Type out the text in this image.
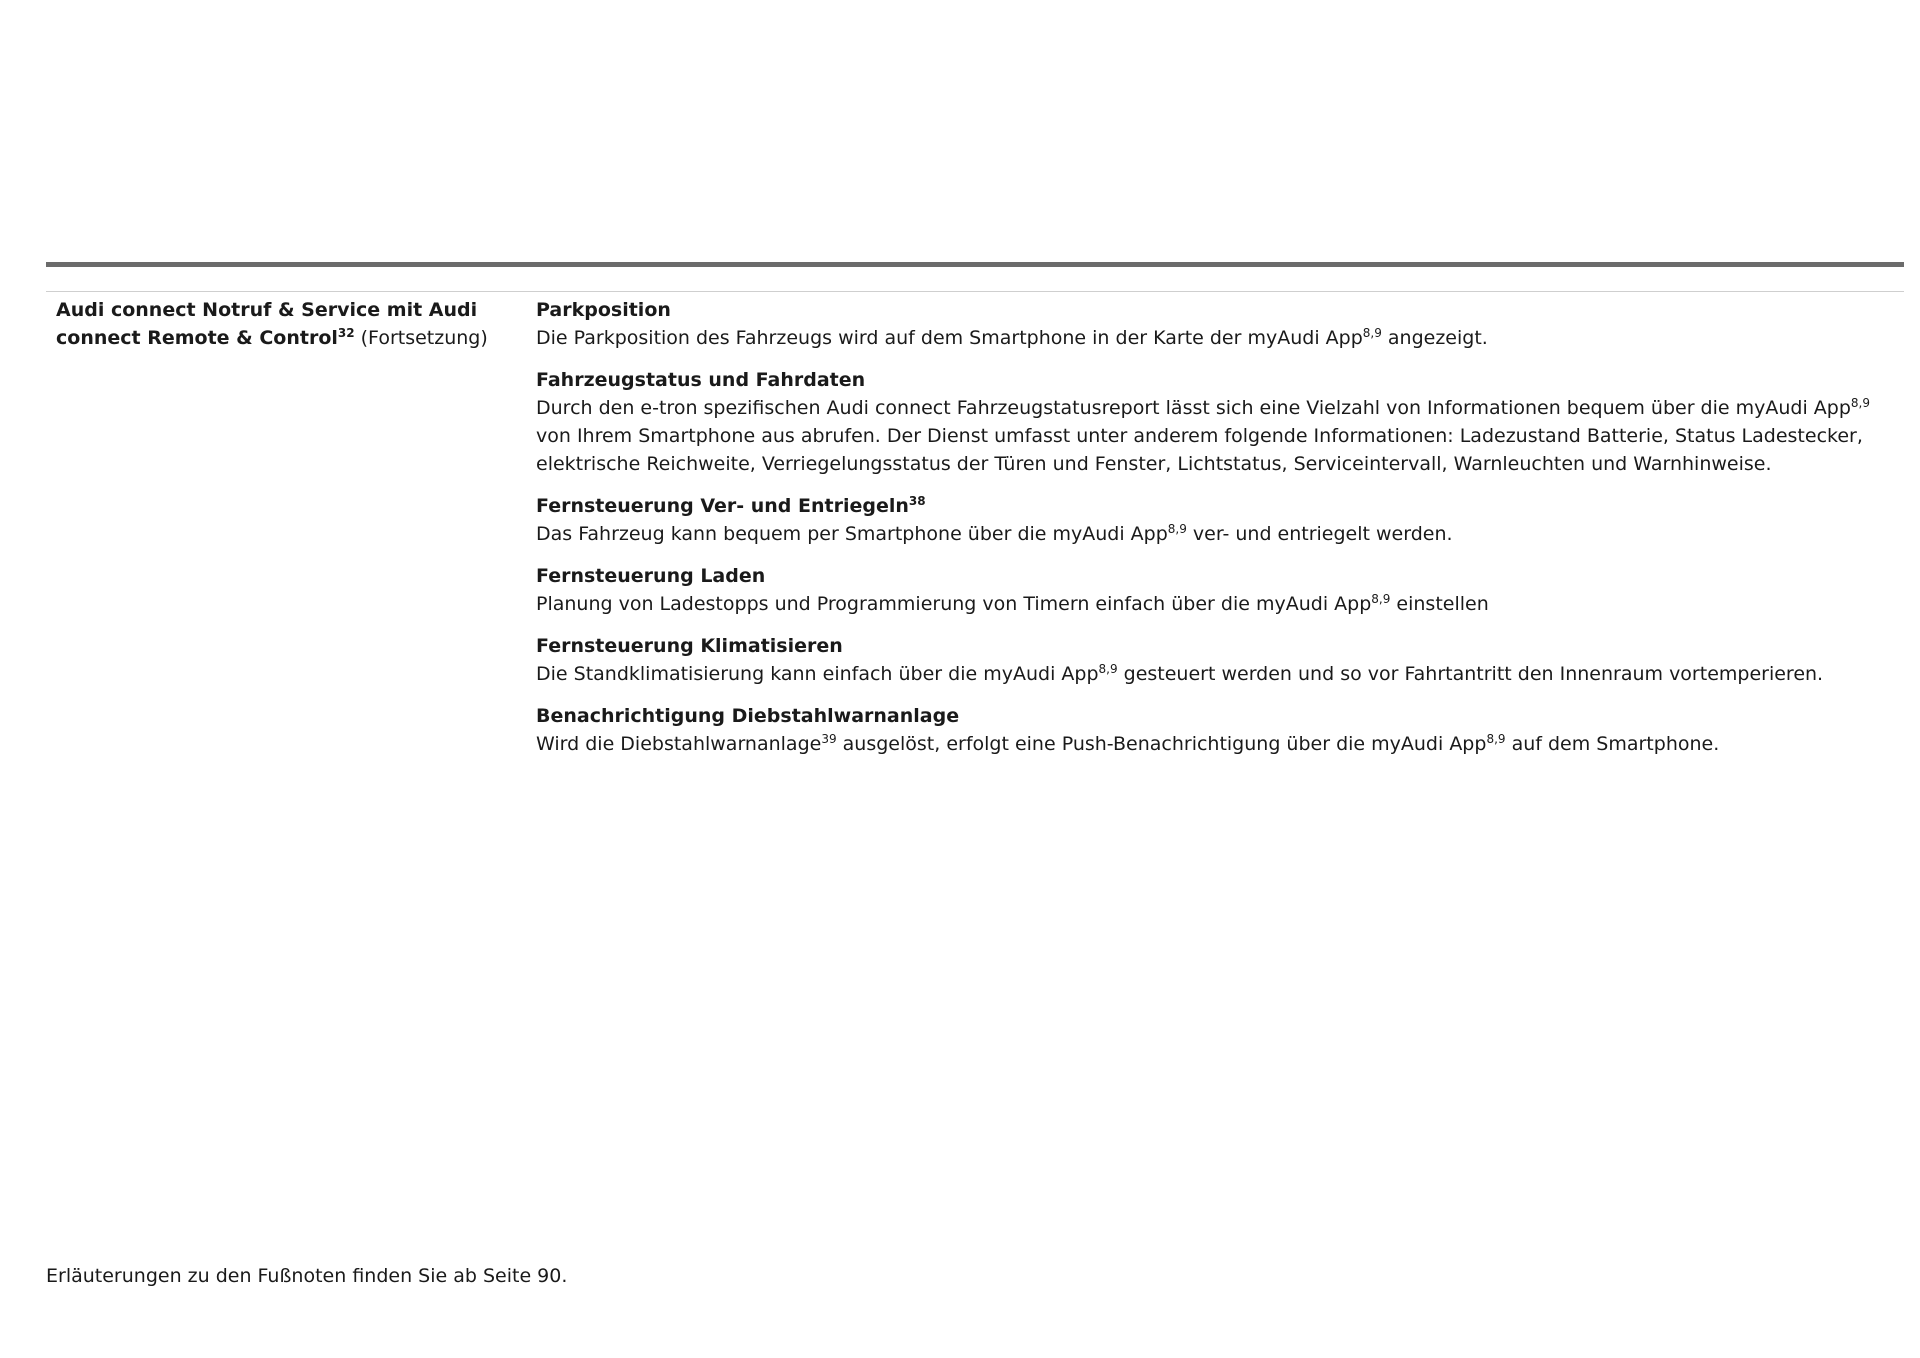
Audi connect Notruf & Service mit Audi connect Remote & Control$^{32}$ (Fortsetzung)
Parkposition
Die Parkposition des Fahrzeugs wird auf dem Smartphone in der Karte der myAudi App$^{8,9}$ angezeigt.
Fahrzeugstatus und Fahrdaten
Durch den e-tron spezifischen Audi connect Fahrzeugstatusreport lässt sich eine Vielzahl von Informationen bequem über die myAudi App$^{8,9}$ von Ihrem Smartphone aus abrufen. Der Dienst umfasst unter anderem folgende Informationen: Ladezustand Batterie, Status Ladestecker, elektrische Reichweite, Verriegelungsstatus der Türen und Fenster, Lichtstatus, Serviceintervall, Warnleuchten und Warnhinweise.
Fernsteuerung Ver- und Entriegeln$^{38}$
Das Fahrzeug kann bequem per Smartphone über die myAudi App$^{8,9}$ ver- und entriegelt werden.
Fernsteuerung Laden
Planung von Ladestopps und Programmierung von Timern einfach über die myAudi App$^{8,9}$ einstellen
Fernsteuerung Klimatisieren
Die Standklimatisierung kann einfach über die myAudi App$^{8,9}$ gesteuert werden und so vor Fahrtantritt den Innenraum vortemperieren.
Benachrichtigung Diebstahlwarnanlage
Wird die Diebstahlwarnanlage$^{39}$ ausgelöst, erfolgt eine Push-Benachrichtigung über die myAudi App$^{8,9}$ auf dem Smartphone.
Erläuterungen zu den Fußnoten finden Sie ab Seite 90.
